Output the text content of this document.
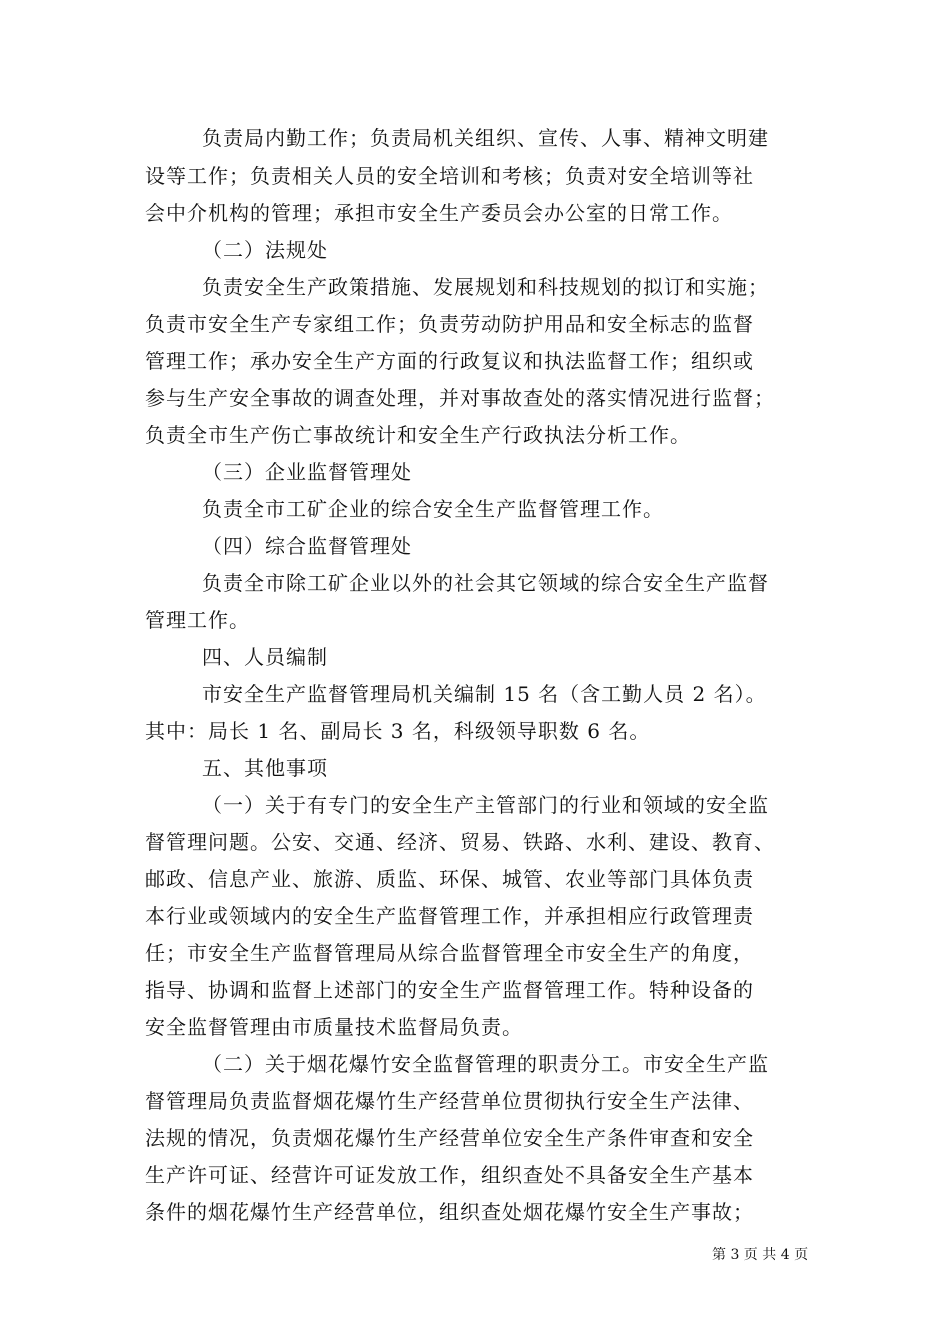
负责局内勤工作；负责局机关组织、宣传、人事、精神文明建
设等工作；负责相关人员的安全培训和考核；负责对安全培训等社
会中介机构的管理；承担市安全生产委员会办公室的日常工作。
（二）法规处
负责安全生产政策措施、发展规划和科技规划的拟订和实施；
负责市安全生产专家组工作；负责劳动防护用品和安全标志的监督
管理工作；承办安全生产方面的行政复议和执法监督工作；组织或
参与生产安全事故的调查处理，并对事故查处的落实情况进行监督；
负责全市生产伤亡事故统计和安全生产行政执法分析工作。
（三）企业监督管理处
负责全市工矿企业的综合安全生产监督管理工作。
（四）综合监督管理处
负责全市除工矿企业以外的社会其它领域的综合安全生产监督
管理工作。
四、人员编制
市安全生产监督管理局机关编制 15 名（含工勤人员 2 名）。
其中：局长 1 名、副局长 3 名，科级领导职数 6 名。
五、其他事项
（一）关于有专门的安全生产主管部门的行业和领域的安全监
督管理问题。公安、交通、经济、贸易、铁路、水利、建设、教育、
邮政、信息产业、旅游、质监、环保、城管、农业等部门具体负责
本行业或领域内的安全生产监督管理工作，并承担相应行政管理责
任；市安全生产监督管理局从综合监督管理全市安全生产的角度，
指导、协调和监督上述部门的安全生产监督管理工作。特种设备的
安全监督管理由市质量技术监督局负责。
（二）关于烟花爆竹安全监督管理的职责分工。市安全生产监
督管理局负责监督烟花爆竹生产经营单位贯彻执行安全生产法律、
法规的情况，负责烟花爆竹生产经营单位安全生产条件审查和安全
生产许可证、经营许可证发放工作，组织查处不具备安全生产基本
条件的烟花爆竹生产经营单位，组织查处烟花爆竹安全生产事故；
第 3 页 共 4 页
